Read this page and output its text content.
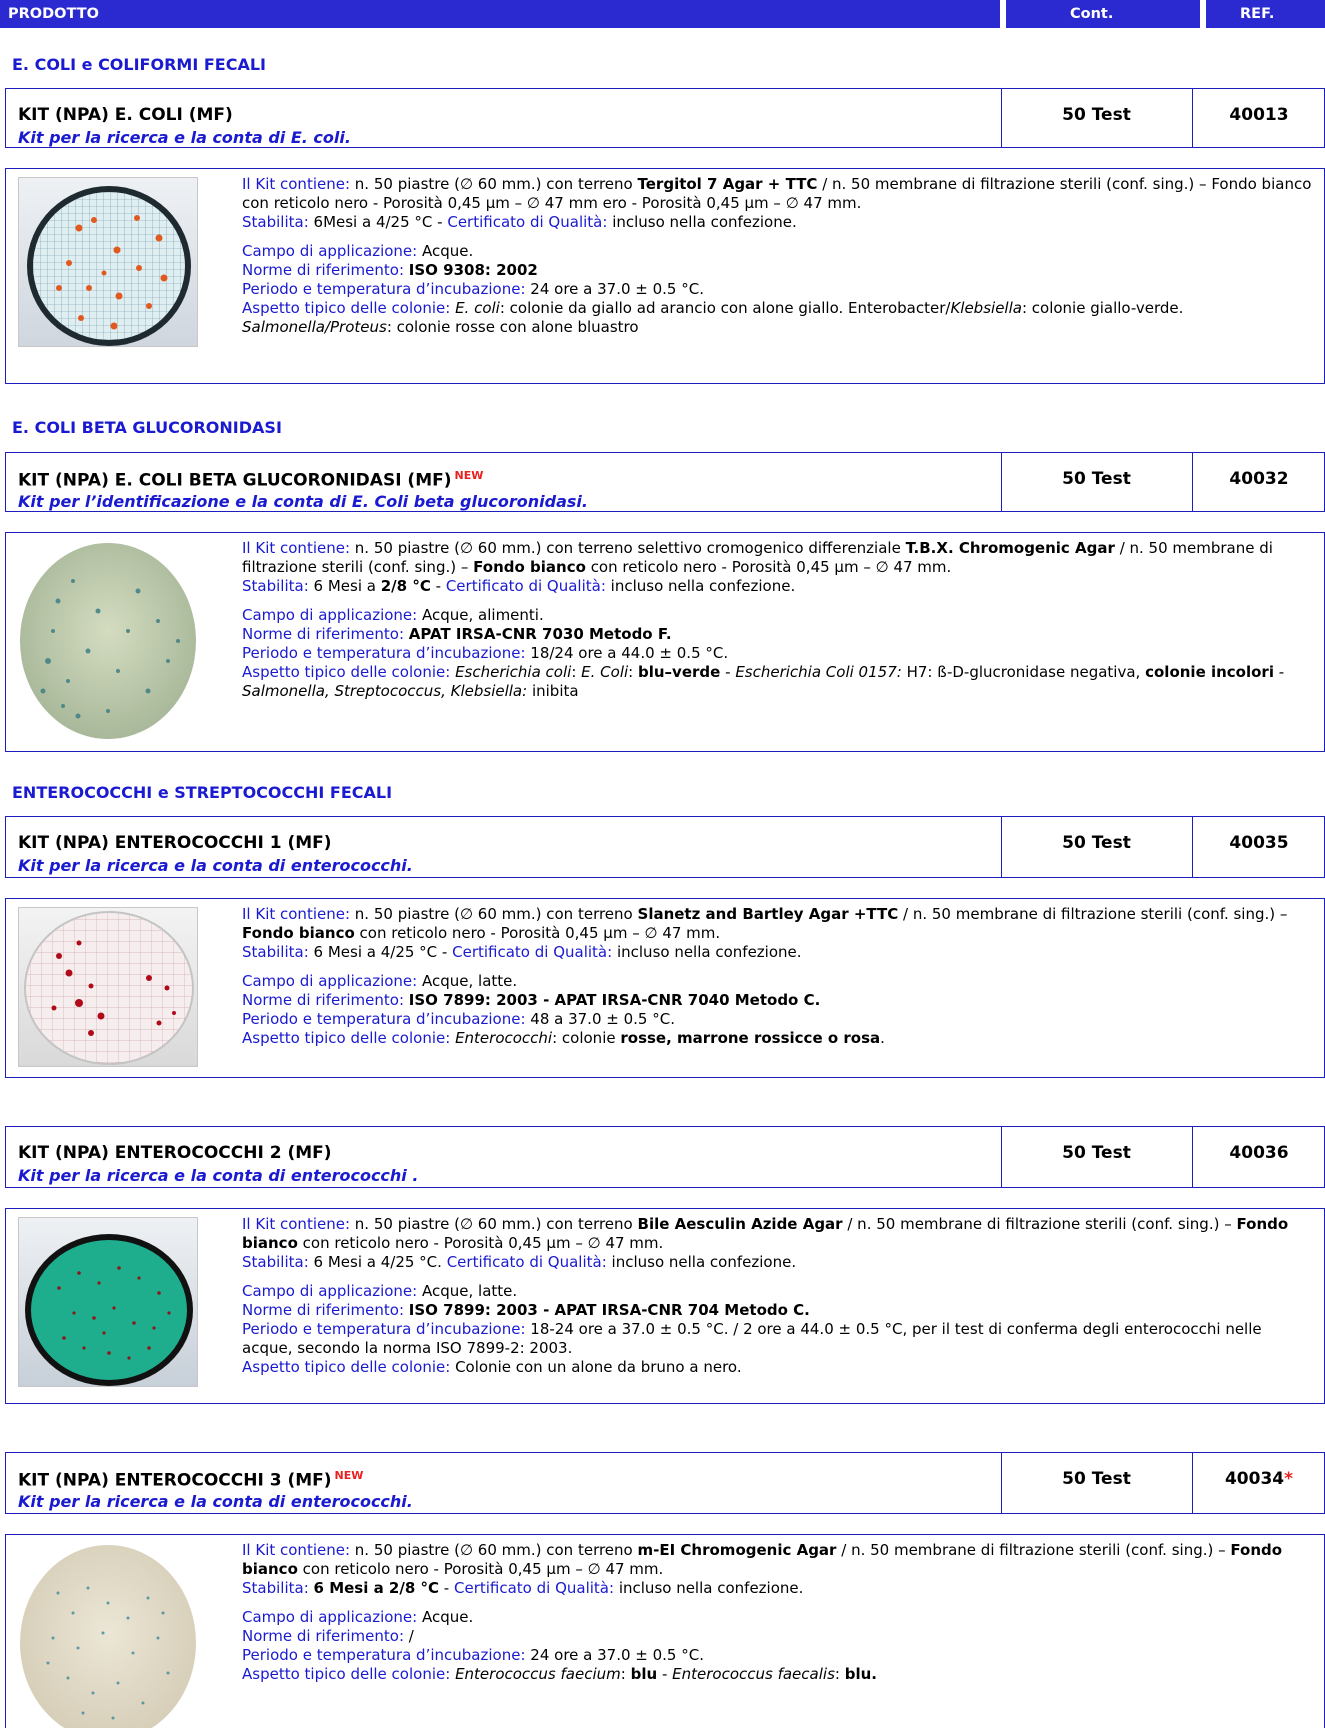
PRODOTTO	Cont.	REF.
E. COLI e COLIFORMI FECALI
KIT (NPA) E. COLI (MF)
Kit per la ricerca e la conta di E. coli.
50 Test	40013

Il Kit contiene: n. 50 piastre (∅ 60 mm.) con terreno Tergitol 7 Agar + TTC / n. 50 membrane di filtrazione sterili (conf. sing.) – Fondo bianco con reticolo nero - Porosità 0,45 µm – ∅ 47 mm ero - Porosità 0,45 µm – ∅ 47 mm.

Stabilita: 6Mesi a 4/25 °C - Certificato di Qualità: incluso nella confezione.

Campo di applicazione: Acque.

Norme di riferimento: ISO 9308: 2002

Periodo e temperatura d’incubazione: 24 ore a 37.0 ± 0.5 °C.

Aspetto tipico delle colonie: E. coli: colonie da giallo ad arancio con alone giallo. Enterobacter/Klebsiella: colonie giallo-verde. Salmonella/Proteus: colonie rosse con alone bluastro

E. COLI BETA GLUCORONIDASI
KIT (NPA) E. COLI BETA GLUCORONIDASI (MF) $^{NEW}$
Kit per l’identificazione e la conta di E. Coli beta glucoronidasi.
50 Test	40032

Il Kit contiene: n. 50 piastre (∅ 60 mm.) con terreno selettivo cromogenico differenziale T.B.X. Chromogenic Agar / n. 50 membrane di filtrazione sterili (conf. sing.) – Fondo bianco con reticolo nero - Porosità 0,45 µm – ∅ 47 mm.

Stabilita: 6 Mesi a 2/8 °C - Certificato di Qualità: incluso nella confezione.

Campo di applicazione: Acque, alimenti.

Norme di riferimento: APAT IRSA-CNR 7030 Metodo F.

Periodo e temperatura d’incubazione: 18/24 ore a 44.0 ± 0.5 °C.

Aspetto tipico delle colonie: Escherichia coli: E. Coli: blu–verde - Escherichia Coli 0157: H7: ß-D-glucronidase negativa, colonie incolori - Salmonella, Streptococcus, Klebsiella: inibita

ENTEROCOCCHI e STREPTOCOCCHI FECALI
KIT (NPA) ENTEROCOCCHI 1 (MF)
Kit per la ricerca e la conta di enterococchi.
50 Test	40035

Il Kit contiene: n. 50 piastre (∅ 60 mm.) con terreno Slanetz and Bartley Agar +TTC / n. 50 membrane di filtrazione sterili (conf. sing.) – Fondo bianco con reticolo nero - Porosità 0,45 µm – ∅ 47 mm.

Stabilita: 6 Mesi a 4/25 °C - Certificato di Qualità: incluso nella confezione.

Campo di applicazione: Acque, latte.

Norme di riferimento: ISO 7899: 2003 - APAT IRSA-CNR 7040 Metodo C.

Periodo e temperatura d’incubazione: 48 a 37.0 ± 0.5 °C.

Aspetto tipico delle colonie: Enterococchi: colonie rosse, marrone rossicce o rosa.

KIT (NPA) ENTEROCOCCHI 2 (MF)
Kit per la ricerca e la conta di enterococchi .
50 Test	40036

Il Kit contiene: n. 50 piastre (∅ 60 mm.) con terreno Bile Aesculin Azide Agar / n. 50 membrane di filtrazione sterili (conf. sing.) – Fondo bianco con reticolo nero - Porosità 0,45 µm – ∅ 47 mm.

Stabilita: 6 Mesi a 4/25 °C. Certificato di Qualità: incluso nella confezione.

Campo di applicazione: Acque, latte.

Norme di riferimento: ISO 7899: 2003 - APAT IRSA-CNR 704 Metodo C.

Periodo e temperatura d’incubazione: 18-24 ore a 37.0 ± 0.5 °C. / 2 ore a 44.0 ± 0.5 °C, per il test di conferma degli enterococchi nelle acque, secondo la norma ISO 7899-2: 2003.

Aspetto tipico delle colonie: Colonie con un alone da bruno a nero.

KIT (NPA) ENTEROCOCCHI 3 (MF) $^{NEW}$
Kit per la ricerca e la conta di enterococchi.
50 Test	40034*

Il Kit contiene: n. 50 piastre (∅ 60 mm.) con terreno m-EI Chromogenic Agar / n. 50 membrane di filtrazione sterili (conf. sing.) – Fondo bianco con reticolo nero - Porosità 0,45 µm – ∅ 47 mm.

Stabilita: 6 Mesi a 2/8 °C - Certificato di Qualità: incluso nella confezione.

Campo di applicazione: Acque.

Norme di riferimento: /

Periodo e temperatura d’incubazione: 24 ore a 37.0 ± 0.5 °C.

Aspetto tipico delle colonie: Enterococcus faecium: blu - Enterococcus faecalis: blu.
